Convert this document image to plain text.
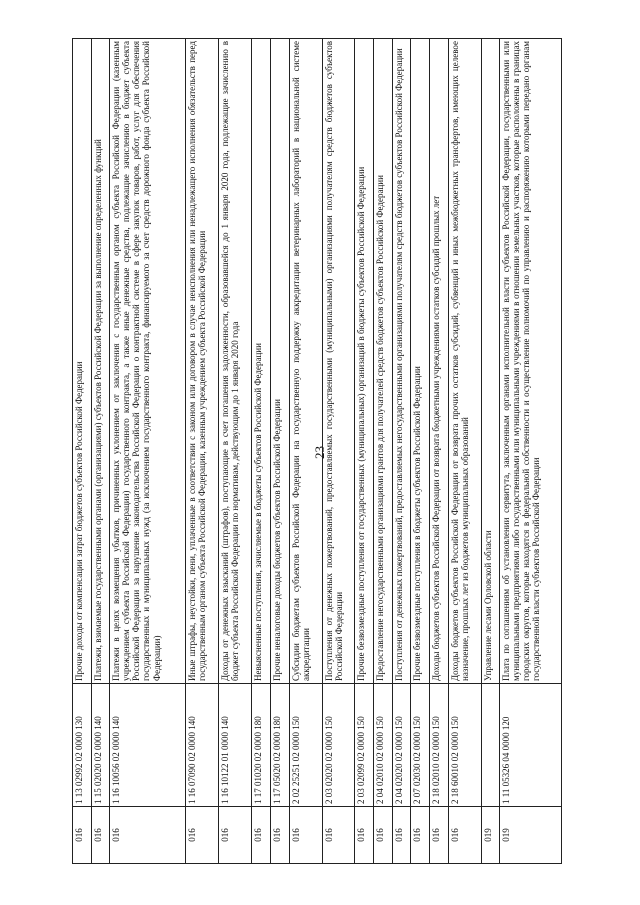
23
016	1 13 02992 02 0000 130	Прочие доходы от компенсации затрат бюджетов субъектов Российской Федерации
016	1 15 02020 02 0000 140	Платежи, взимаемые государственными органами (организациями) субъектов Российской Федерации за выполнение определенных функций
016	1 16 10056 02 0000 140	Платежи в целях возмещения убытков, причиненных уклонением от заключения с государственным органом субъекта Российской Федерации (казенным учреждением субъекта Российской Федерации) государственного контракта, а также иные денежные средства, подлежащие зачислению в бюджет субъекта Российской Федерации за нарушение законодательства Российской Федерации о контрактной системе в сфере закупок товаров, работ, услуг для обеспечения государственных и муниципальных нужд (за исключением государственного контракта, финансируемого за счет средств дорожного фонда субъекта Российской Федерации)
016	1 16 07090 02 0000 140	Иные штрафы, неустойки, пени, уплаченные в соответствии с законом или договором в случае неисполнения или ненадлежащего исполнения обязательств перед государственным органом субъекта Российской Федерации, казенным учреждением субъекта Российской Федерации
016	1 16 10122 01 0000 140	Доходы от денежных взысканий (штрафов), поступающие в счет погашения задолженности, образовавшейся до 1 января 2020 года, подлежащие зачислению в бюджет субъекта Российской Федерации по нормативам, действующим до 1 января 2020 года
016	1 17 01020 02 0000 180	Невыясненные поступления, зачисляемые в бюджеты субъектов Российской Федерации
016	1 17 05020 02 0000 180	Прочие неналоговые доходы бюджетов субъектов Российской Федерации
016	2 02 25251 02 0000 150	Субсидии бюджетам субъектов Российской Федерации на государственную поддержку аккредитации ветеринарных лабораторий в национальной системе аккредитации
016	2 03 02020 02 0000 150	Поступления от денежных пожертвований, предоставляемых государственными (муниципальными) организациями получателям средств бюджетов субъектов Российской Федерации
016	2 03 02099 02 0000 150	Прочие безвозмездные поступления от государственных (муниципальных) организаций в бюджеты субъектов Российской Федерации
016	2 04 02010 02 0000 150	Предоставление негосударственными организациями грантов для получателей средств бюджетов субъектов Российской Федерации
016	2 04 02020 02 0000 150	Поступления от денежных пожертвований, предоставляемых негосударственными организациями получателям средств бюджетов субъектов Российской Федерации
016	2 07 02030 02 0000 150	Прочие безвозмездные поступления в бюджеты субъектов Российской Федерации
016	2 18 02010 02 0000 150	Доходы бюджетов субъектов Российской Федерации от возврата бюджетными учреждениями остатков субсидий прошлых лет
016	2 18 60010 02 0000 150	Доходы бюджетов субъектов Российской Федерации от возврата прочих остатков субсидий, субвенций и иных межбюджетных трансфертов, имеющих целевое назначение, прошлых лет из бюджетов муниципальных образований
019		Управление лесами Орловской области
019	1 11 05326 04 0000 120	Плата по соглашениям об установлении сервитута, заключенным органами исполнительной власти субъектов Российской Федерации, государственными или муниципальными предприятиями либо государственными или муниципальными учреждениями в отношении земельных участков, которые расположены в границах городских округов, которые находятся в федеральной собственности и осуществление полномочий по управлению и распоряжению которыми передано органам государственной власти субъектов Российской Федерации
